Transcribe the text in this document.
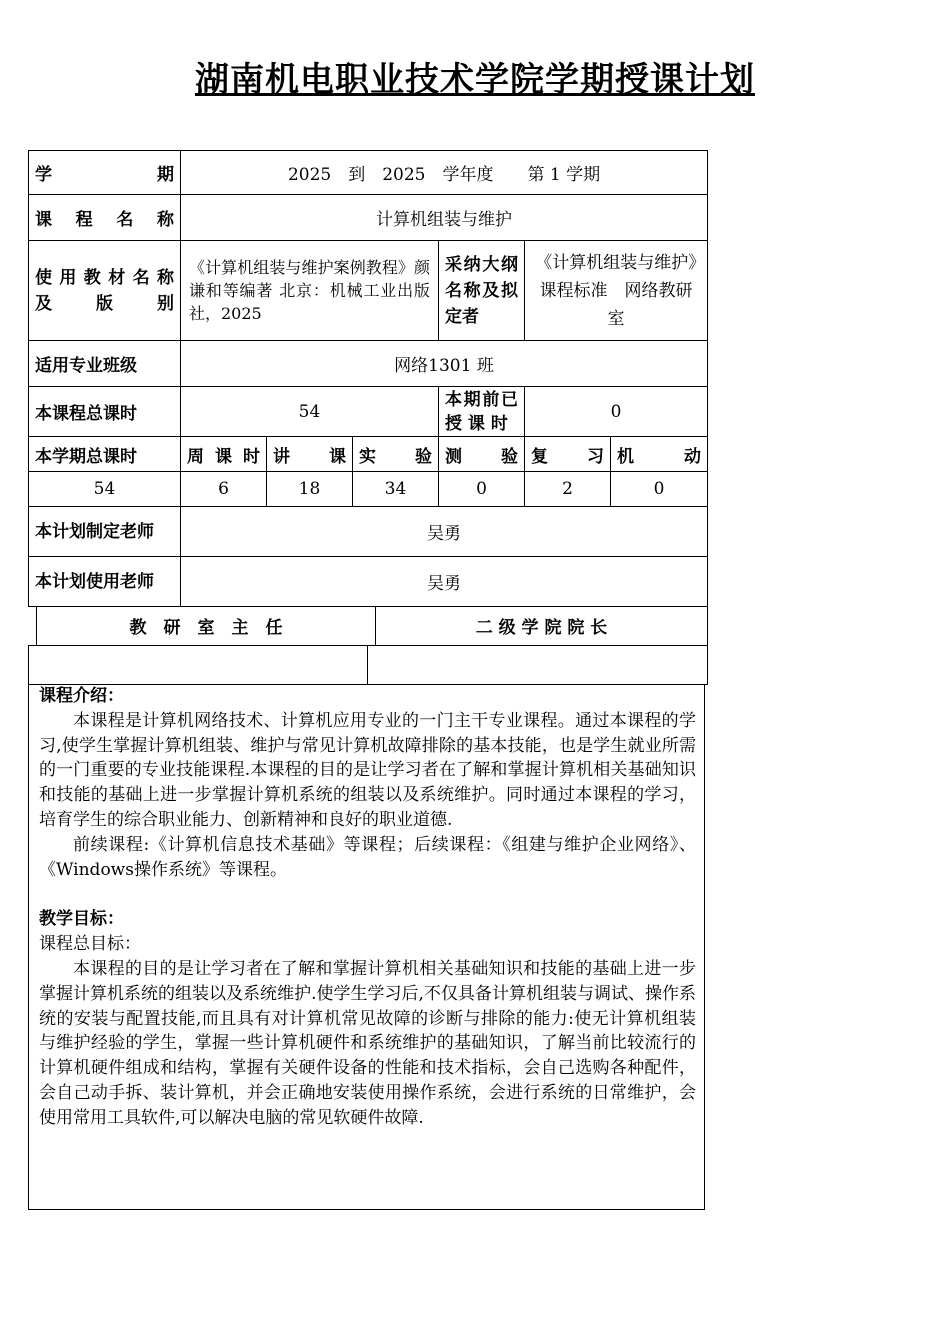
湖南机电职业技术学院学期授课计划
学 期	2025　到　2025　学年度　　第 1 学期					
课 程 名 称	计算机组装与维护					
使 用 教 材 名 称 及 版 别	《计算机组装与维护案例教程》颜谦和等编著 北京：机械工业出版社，2025			采纳大纲名称及拟定者	《计算机组装与维护》课程标准　网络教研室	
适用专业班级	网络1301 班					
本课程总课时	54			本期前已授 课 时	0	
本学期总课时	周课时	讲　课	实　验	测　验	复　习	机　动
54	6	18	34	0	2	0
本计划制定老师	吴勇					
本计划使用老师	吴勇					
教　研　室　主　任	二 级 学 院 院 长

课程介绍：

本课程是计算机网络技术、计算机应用专业的一门主干专业课程。通过本课程的学习,使学生掌握计算机组装、维护与常见计算机故障排除的基本技能，也是学生就业所需的一门重要的专业技能课程.本课程的目的是让学习者在了解和掌握计算机相关基础知识和技能的基础上进一步掌握计算机系统的组装以及系统维护。同时通过本课程的学习，培育学生的综合职业能力、创新精神和良好的职业道德.

前续课程:《计算机信息技术基础》等课程；后续课程：《组建与维护企业网络》、《Windows操作系统》等课程。

教学目标：

课程总目标：

本课程的目的是让学习者在了解和掌握计算机相关基础知识和技能的基础上进一步掌握计算机系统的组装以及系统维护.使学生学习后,不仅具备计算机组装与调试、操作系统的安装与配置技能,而且具有对计算机常见故障的诊断与排除的能力:使无计算机组装与维护经验的学生，掌握一些计算机硬件和系统维护的基础知识，了解当前比较流行的计算机硬件组成和结构，掌握有关硬件设备的性能和技术指标，会自己选购各种配件，会自己动手拆、装计算机，并会正确地安装使用操作系统，会进行系统的日常维护，会使用常用工具软件,可以解决电脑的常见软硬件故障.
